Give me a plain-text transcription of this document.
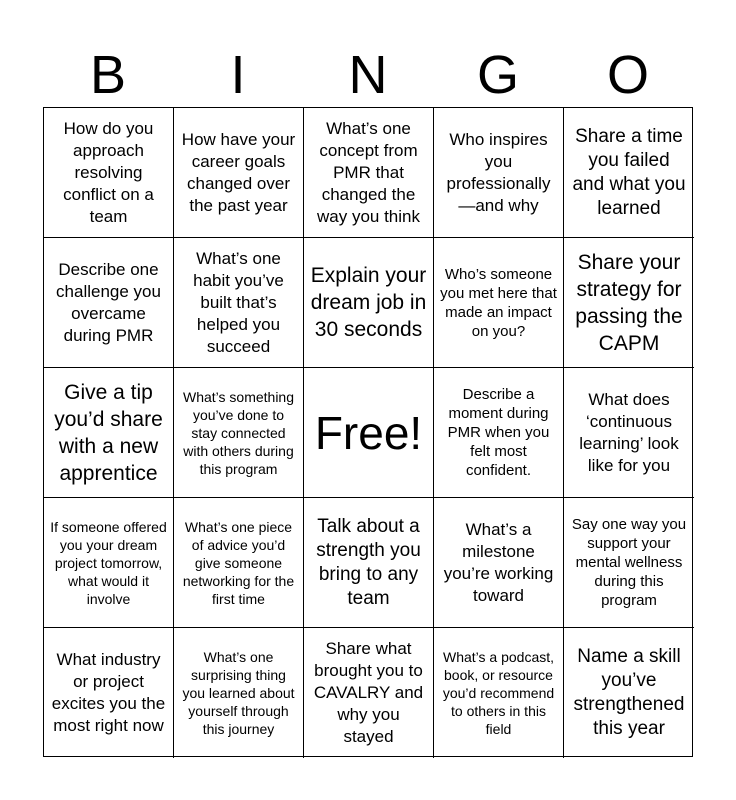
B	I	N	G	O
How do you approach resolving conflict on a team
How have your career goals changed over the past year
What’s one concept from PMR that changed the way you think
Who inspires you professionally—and why
Share a time you failed and what you learned
Describe one challenge you overcame during PMR
What’s one habit you’ve built that’s helped you succeed
Explain your dream job in 30 seconds
Who’s someone you met here that made an impact on you?
Share your strategy for passing the CAPM
Give a tip you’d share with a new apprentice
What’s something you’ve done to stay connected with others during this program
Free!
Describe a moment during PMR when you felt most confident.
What does ‘continuous learning’ look like for you
If someone offered you your dream project tomorrow, what would it involve
What’s one piece of advice you’d give someone networking for the first time
Talk about a strength you bring to any team
What’s a milestone you’re working toward
Say one way you support your mental wellness during this program
What industry or project excites you the most right now
What’s one surprising thing you learned about yourself through this journey
Share what brought you to CAVALRY and why you stayed
What’s a podcast, book, or resource you’d recommend to others in this field
Name a skill you’ve strengthened this year
